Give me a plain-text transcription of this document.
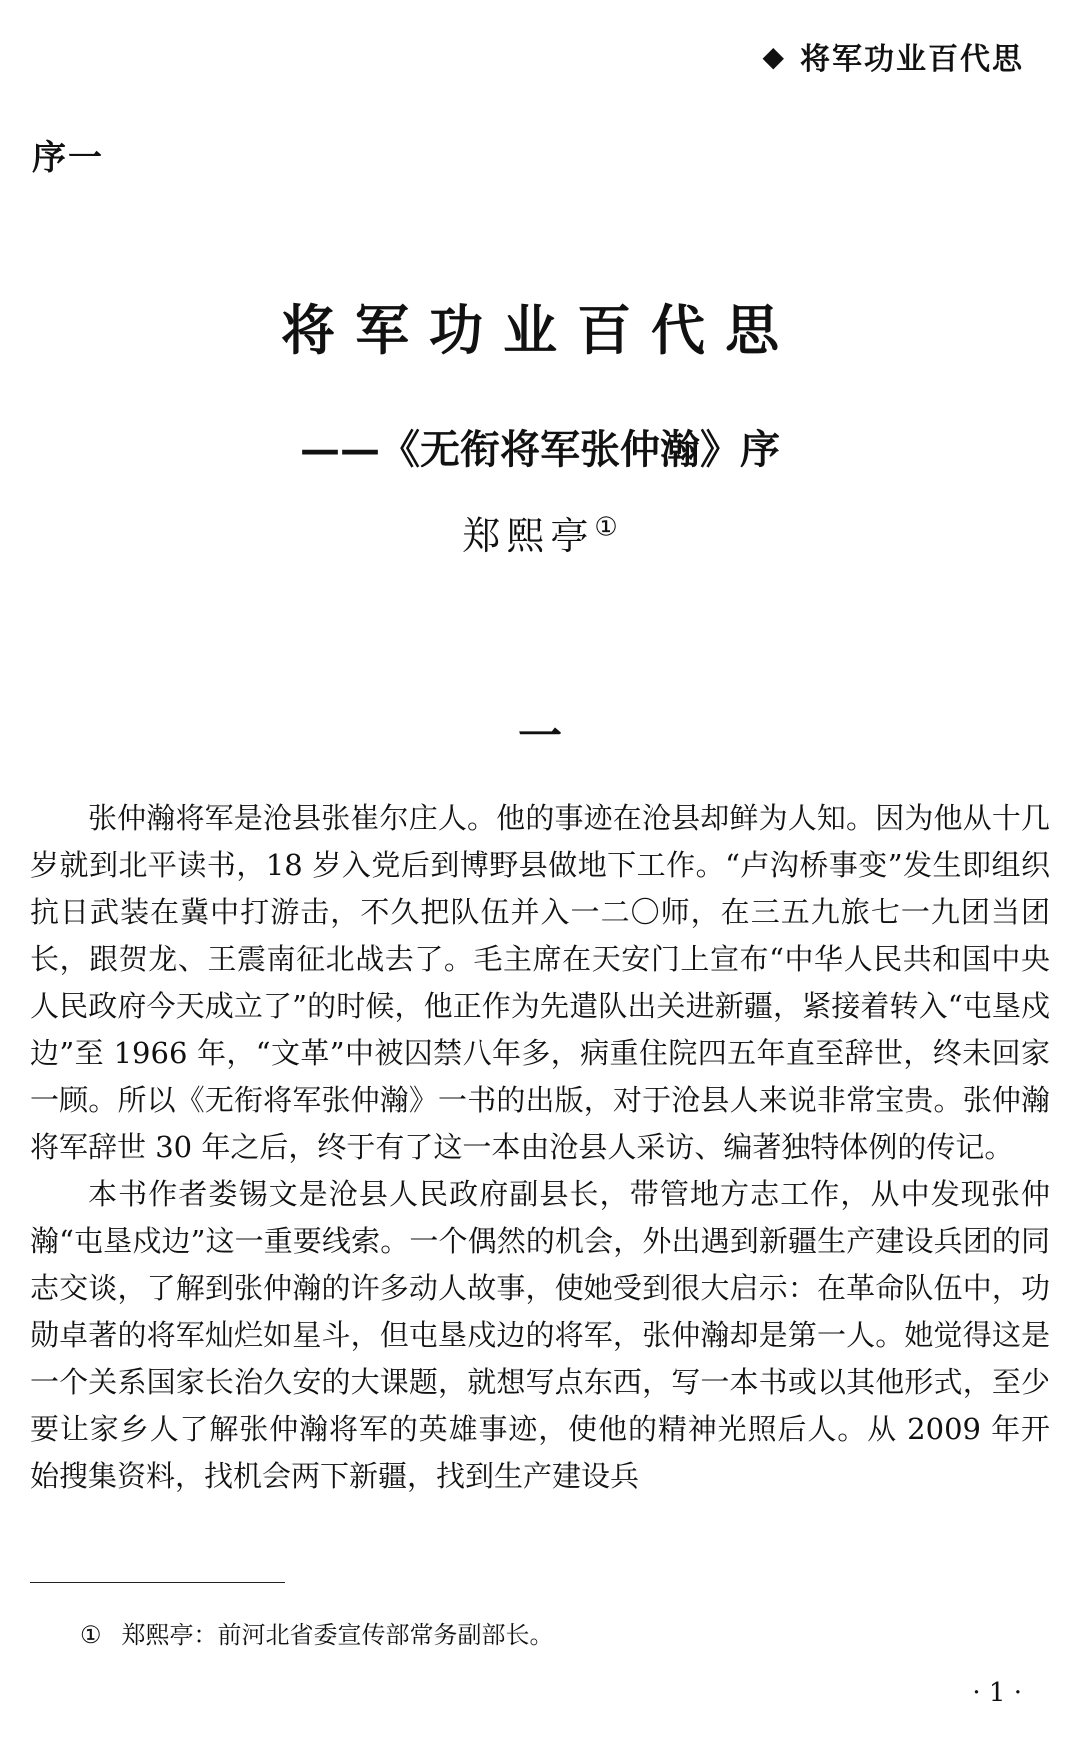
◆ 将军功业百代思
序一
将军功业百代思
——《无衔将军张仲瀚》序
郑熙亭①
一

张仲瀚将军是沧县张崔尔庄人。他的事迹在沧县却鲜为人知。因为他从十几岁就到北平读书，18 岁入党后到博野县做地下工作。“卢沟桥事变”发生即组织抗日武装在冀中打游击，不久把队伍并入一二〇师，在三五九旅七一九团当团长，跟贺龙、王震南征北战去了。毛主席在天安门上宣布“中华人民共和国中央人民政府今天成立了”的时候，他正作为先遣队出关进新疆，紧接着转入“屯垦戍边”至 1966 年，“文革”中被囚禁八年多，病重住院四五年直至辞世，终未回家一顾。所以《无衔将军张仲瀚》一书的出版，对于沧县人来说非常宝贵。张仲瀚将军辞世 30 年之后，终于有了这一本由沧县人采访、编著独特体例的传记。

本书作者娄锡文是沧县人民政府副县长，带管地方志工作，从中发现张仲瀚“屯垦戍边”这一重要线索。一个偶然的机会，外出遇到新疆生产建设兵团的同志交谈，了解到张仲瀚的许多动人故事，使她受到很大启示：在革命队伍中，功勋卓著的将军灿烂如星斗，但屯垦戍边的将军，张仲瀚却是第一人。她觉得这是一个关系国家长治久安的大课题，就想写点东西，写一本书或以其他形式，至少要让家乡人了解张仲瀚将军的英雄事迹，使他的精神光照后人。从 2009 年开始搜集资料，找机会两下新疆，找到生产建设兵

① 郑熙亭：前河北省委宣传部常务副部长。
· 1 ·
